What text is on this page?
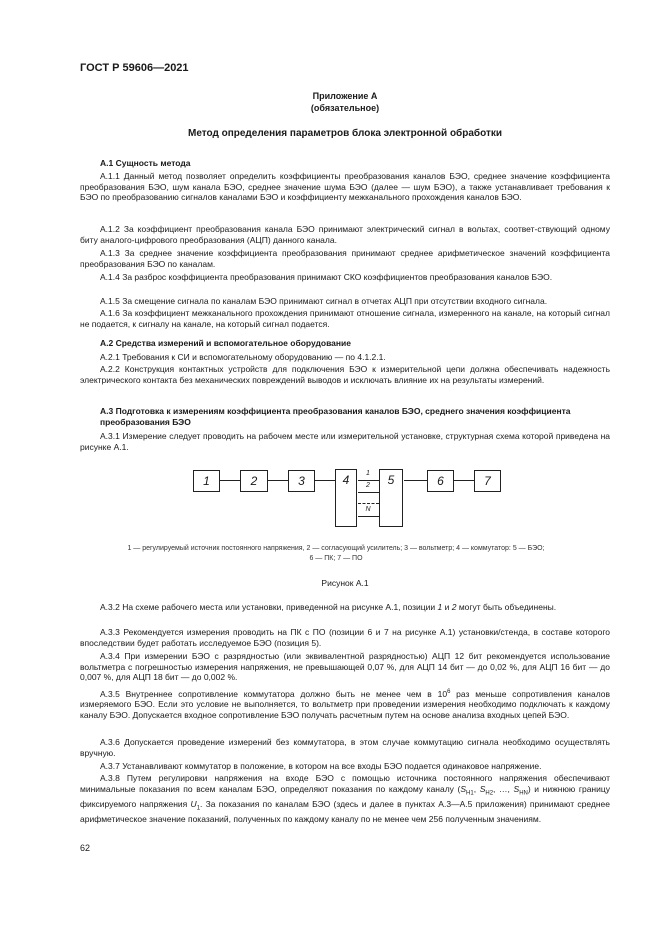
ГОСТ Р 59606—2021
Приложение А
(обязательное)
Метод определения параметров блока электронной обработки
А.1 Сущность метода

А.1.1 Данный метод позволяет определить коэффициенты преобразования каналов БЭО, среднее значение коэффициента преобразования БЭО, шум канала БЭО, среднее значение шума БЭО (далее — шум БЭО), а также устанавливает требования к БЭО по преобразованию сигналов каналами БЭО и коэффициенту межканального прохождения каналов БЭО.

А.1.2 За коэффициент преобразования канала БЭО принимают электрический сигнал в вольтах, соответ-ствующий одному биту аналого-цифрового преобразования (АЦП) данного канала.

А.1.3 За среднее значение коэффициента преобразования принимают среднее арифметическое значений коэффициента преобразования БЭО по каналам.

А.1.4 За разброс коэффициента преобразования принимают СКО коэффициентов преобразования каналов БЭО.

А.1.5 За смещение сигнала по каналам БЭО принимают сигнал в отчетах АЦП при отсутствии входного сигнала.

А.1.6 За коэффициент межканального прохождения принимают отношение сигнала, измеренного на канале, на который сигнал не подается, к сигналу на канале, на который сигнал подается.

А.2 Средства измерений и вспомогательное оборудование

А.2.1 Требования к СИ и вспомогательному оборудованию — по 4.1.2.1.

А.2.2 Конструкция контактных устройств для подключения БЭО к измерительной цепи должна обеспечивать надежность электрического контакта без механических повреждений выводов и исключать влияние их на результаты измерений.

А.3 Подготовка к измерениям коэффициента преобразования каналов БЭО, среднего значения коэффициента преобразования БЭО

А.3.1 Измерение следует проводить на рабочем месте или измерительной установке, структурная схема которой приведена на рисунке А.1.

1	2	3	4	5	6	7
1
2
N
1 — регулируемый источник постоянного напряжения, 2 — согласующий усилитель; 3 — вольтметр; 4 — коммутатор: 5 — БЭО;
6 — ПК; 7 — ПО
Рисунок А.1

А.3.2 На схеме рабочего места или установки, приведенной на рисунке А.1, позиции 1 и 2 могут быть объединены.

А.3.3 Рекомендуется измерения проводить на ПК с ПО (позиции 6 и 7 на рисунке А.1) установки/стенда, в составе которого впоследствии будет работать исследуемое БЭО (позиция 5).

А.3.4 При измерении БЭО с разрядностью (или эквивалентной разрядностью) АЦП 12 бит рекомендуется использование вольтметра с погрешностью измерения напряжения, не превышающей 0,07 %, для АЦП 14 бит — до 0,02 %, для АЦП 16 бит — до 0,007 %, для АЦП 18 бит — до 0,002 %.

А.3.5 Внутреннее сопротивление коммутатора должно быть не менее чем в $10^6$ раз меньше сопротивления каналов измеряемого БЭО. Если это условие не выполняется, то вольтметр при проведении измерения необходимо подключать к каждому каналу БЭО. Допускается входное сопротивление БЭО получать расчетным путем на основе анализа входных цепей БЭО.

А.3.6 Допускается проведение измерений без коммутатора, в этом случае коммутацию сигнала необходимо осуществлять вручную.

А.3.7 Устанавливают коммутатор в положение, в котором на все входы БЭО подается одинаковое напряжение.

А.3.8 Путем регулировки напряжения на входе БЭО с помощью источника постоянного напряжения обеспечивают минимальные показания по всем каналам БЭО, определяют показания по каждому каналу ($S_{H1}$, $S_{H2}$, …, $S_{HN}$) и нижнюю границу фиксируемого напряжения $U_1$. За показания по каналам БЭО (здесь и далее в пунктах А.3—А.5 приложения) принимают среднее арифметическое значение показаний, полученных по каждому каналу по не менее чем 256 полученным значениям.

62
